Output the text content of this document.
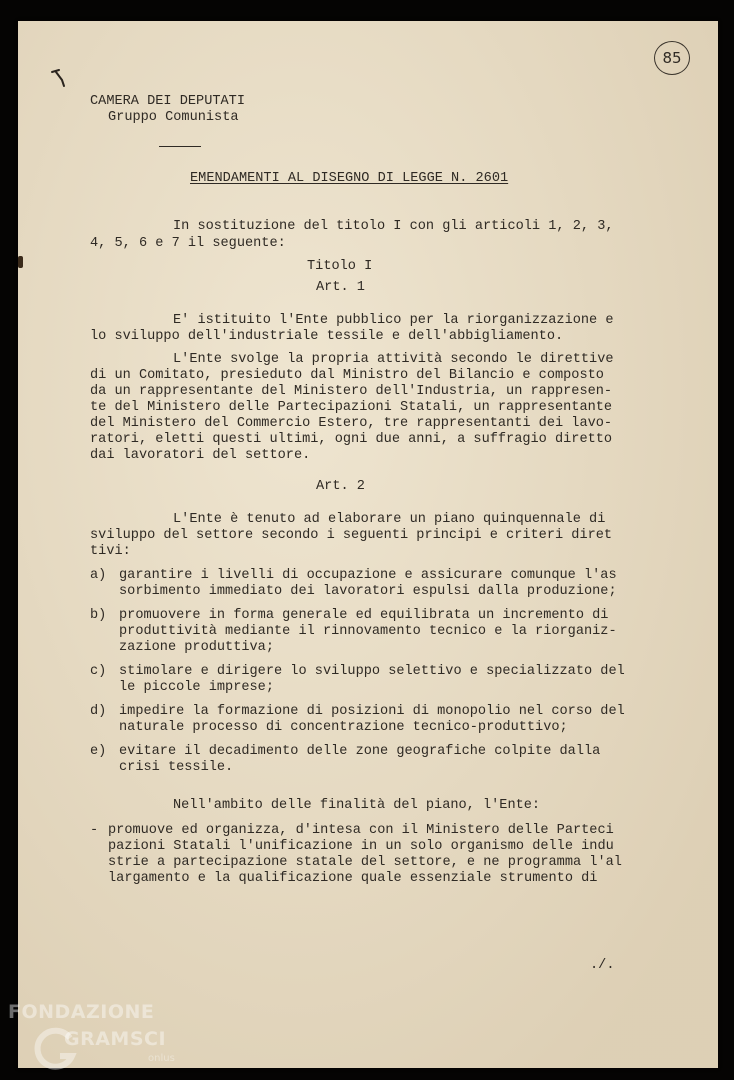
85

CAMERA DEI DEPUTATI

Gruppo Comunista

EMENDAMENTI AL DISEGNO DI LEGGE N. 2601

In sostituzione del titolo I con gli articoli 1, 2, 3,

4, 5, 6 e 7 il seguente:

Titolo I

Art. 1

E' istituito l'Ente pubblico per la riorganizzazione e

lo sviluppo dell'industriale tessile e dell'abbigliamento.

L'Ente svolge la propria attività secondo le direttive

di un Comitato, presieduto dal Ministro del Bilancio e composto

da un rappresentante del Ministero dell'Industria, un rappresen-

te del Ministero delle Partecipazioni Statali, un rappresentante

del Ministero del Commercio Estero, tre rappresentanti dei lavo-

ratori, eletti questi ultimi, ogni due anni, a suffragio diretto

dai lavoratori del settore.

Art. 2

L'Ente è tenuto ad elaborare un piano quinquennale di

sviluppo del settore secondo i seguenti principi e criteri diret

tivi:

a) garantire i livelli di occupazione e assicurare comunque l'as

sorbimento immediato dei lavoratori espulsi dalla produzione;

b) promuovere in forma generale ed equilibrata un incremento di

produttività mediante il rinnovamento tecnico e la riorganiz-

zazione produttiva;

c) stimolare e dirigere lo sviluppo selettivo e specializzato del

le piccole imprese;

d) impedire la formazione di posizioni di monopolio nel corso del

naturale processo di concentrazione tecnico-produttivo;

e) evitare il decadimento delle zone geografiche colpite dalla

crisi tessile.

Nell'ambito delle finalità del piano, l'Ente:

- promuove ed organizza, d'intesa con il Ministero delle Parteci

pazioni Statali l'unificazione in un solo organismo delle indu

strie a partecipazione statale del settore, e ne programma l'al

largamento e la qualificazione quale essenziale strumento di

./.

FONDAZIONE
GRAMSCI
onlus
